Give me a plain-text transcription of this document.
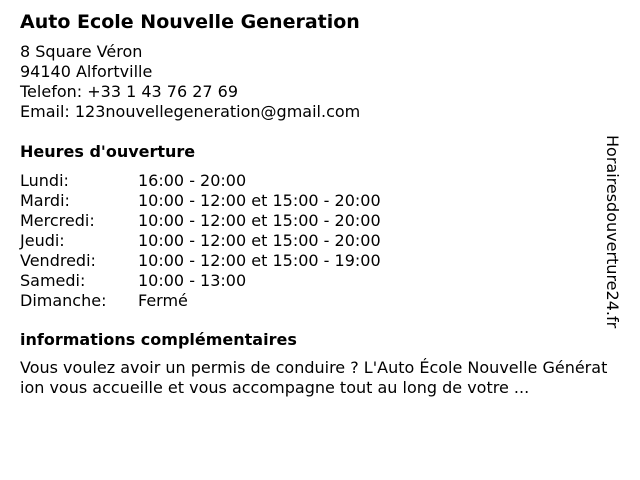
Auto Ecole Nouvelle Generation
8 Square Véron
94140 Alfortville
Telefon: +33 1 43 76 27 69
Email: 123nouvellegeneration@gmail.com
Heures d'ouverture
Lundi:	16:00 - 20:00
Mardi:	10:00 - 12:00 et 15:00 - 20:00
Mercredi:	10:00 - 12:00 et 15:00 - 20:00
Jeudi:	10:00 - 12:00 et 15:00 - 20:00
Vendredi:	10:00 - 12:00 et 15:00 - 19:00
Samedi:	10:00 - 13:00
Dimanche:	Fermé
informations complémentaires
Vous voulez avoir un permis de conduire ? L'Auto École Nouvelle Génération vous accueille et vous accompagne tout au long de votre ...
Horairesdouverture24.fr
